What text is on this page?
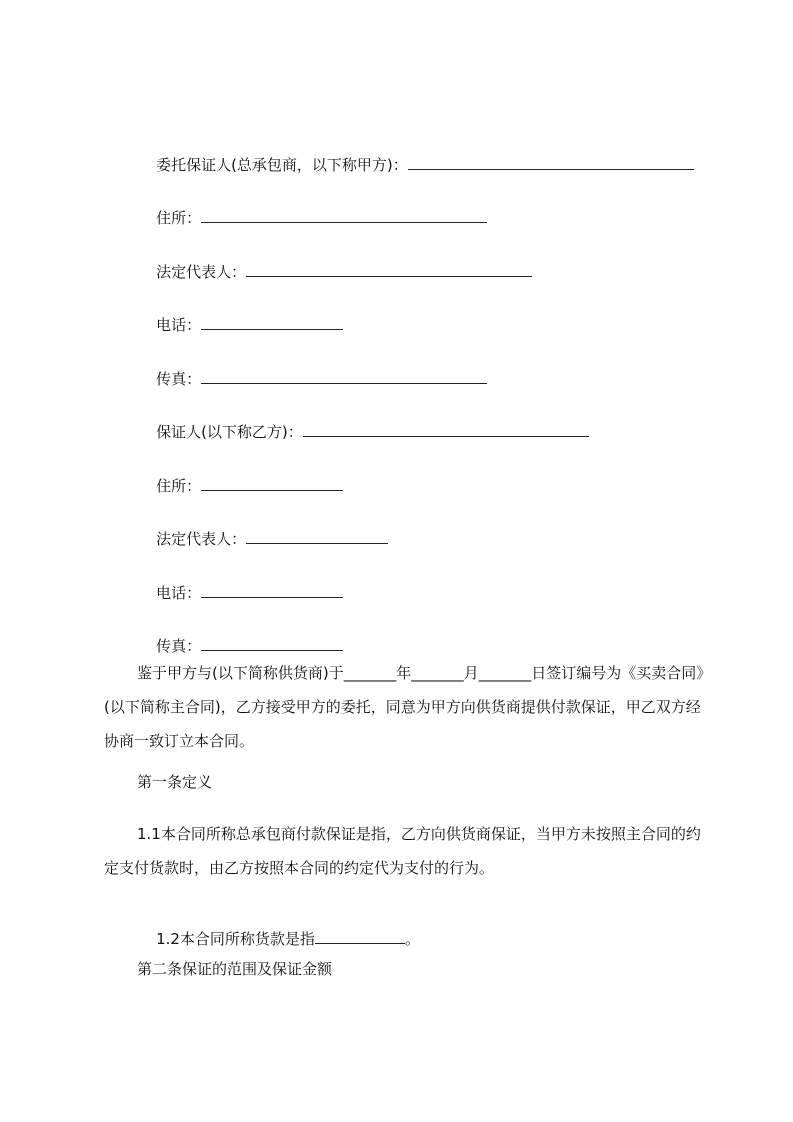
委托保证人(总承包商，以下称甲方)：

住所：

法定代表人：

电话：

传真：

保证人(以下称乙方)：

住所：

法定代表人：

电话：

传真：

鉴于甲方与(以下简称供货商)于_______年_______月_______日签订编号为《买卖合同》(以下简称主合同)，乙方接受甲方的委托，同意为甲方向供货商提供付款保证，甲乙双方经协商一致订立本合同。
第一条定义
1.1本合同所称总承包商付款保证是指，乙方向供货商保证，当甲方未按照主合同的约定支付货款时，由乙方按照本合同的约定代为支付的行为。

1.2本合同所称货款是指	。

第二条保证的范围及保证金额
